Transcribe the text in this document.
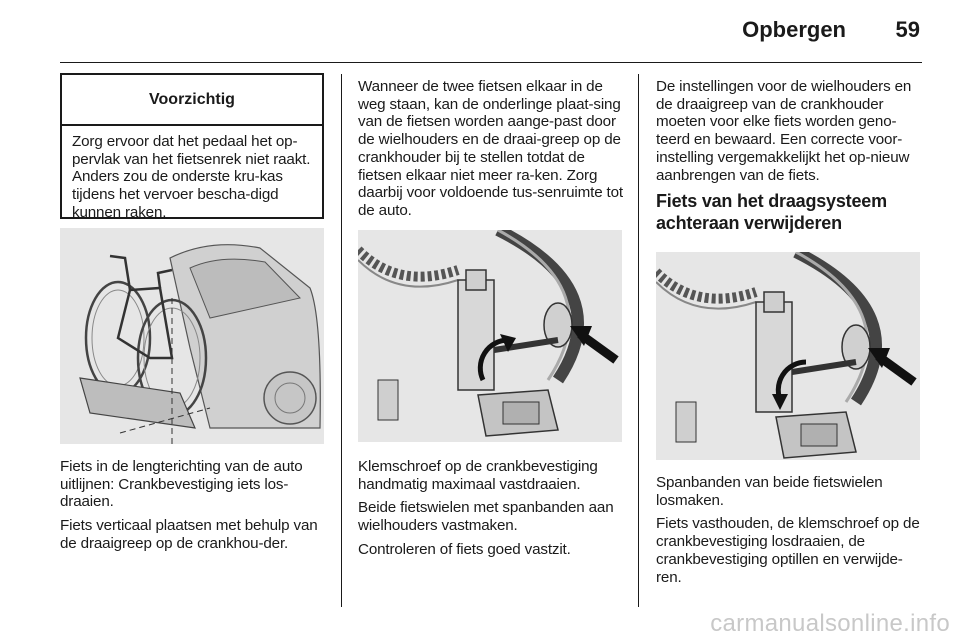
Opbergen	59
Voorzichtig
Zorg ervoor dat het pedaal het op-pervlak van het fietsenrek niet raakt. Anders zou de onderste kru-kas tijdens het vervoer bescha-digd kunnen raken.

Fiets in de lengterichting van de auto uitlijnen: Crankbevestiging iets los-draaien.

Fiets verticaal plaatsen met behulp van de draaigreep op de crankhou-der.

Wanneer de twee fietsen elkaar in de weg staan, kan de onderlinge plaat-sing van de fietsen worden aange-past door de wielhouders en de draai-greep op de crankhouder bij te stellen totdat de fietsen elkaar niet meer ra-ken. Zorg daarbij voor voldoende tus-senruimte tot de auto.

Klemschroef op de crankbevestiging handmatig maximaal vastdraaien.

Beide fietswielen met spanbanden aan wielhouders vastmaken.

Controleren of fiets goed vastzit.

De instellingen voor de wielhouders en de draaigreep van de crankhouder moeten voor elke fiets worden geno-teerd en bewaard. Een correcte voor-instelling vergemakkelijkt het op-nieuw aanbrengen van de fiets.

Fiets van het draagsysteem achteraan verwijderen

Spanbanden van beide fietswielen losmaken.

Fiets vasthouden, de klemschroef op de crankbevestiging losdraaien, de crankbevestiging optillen en verwijde-ren.

carmanualsonline.info
